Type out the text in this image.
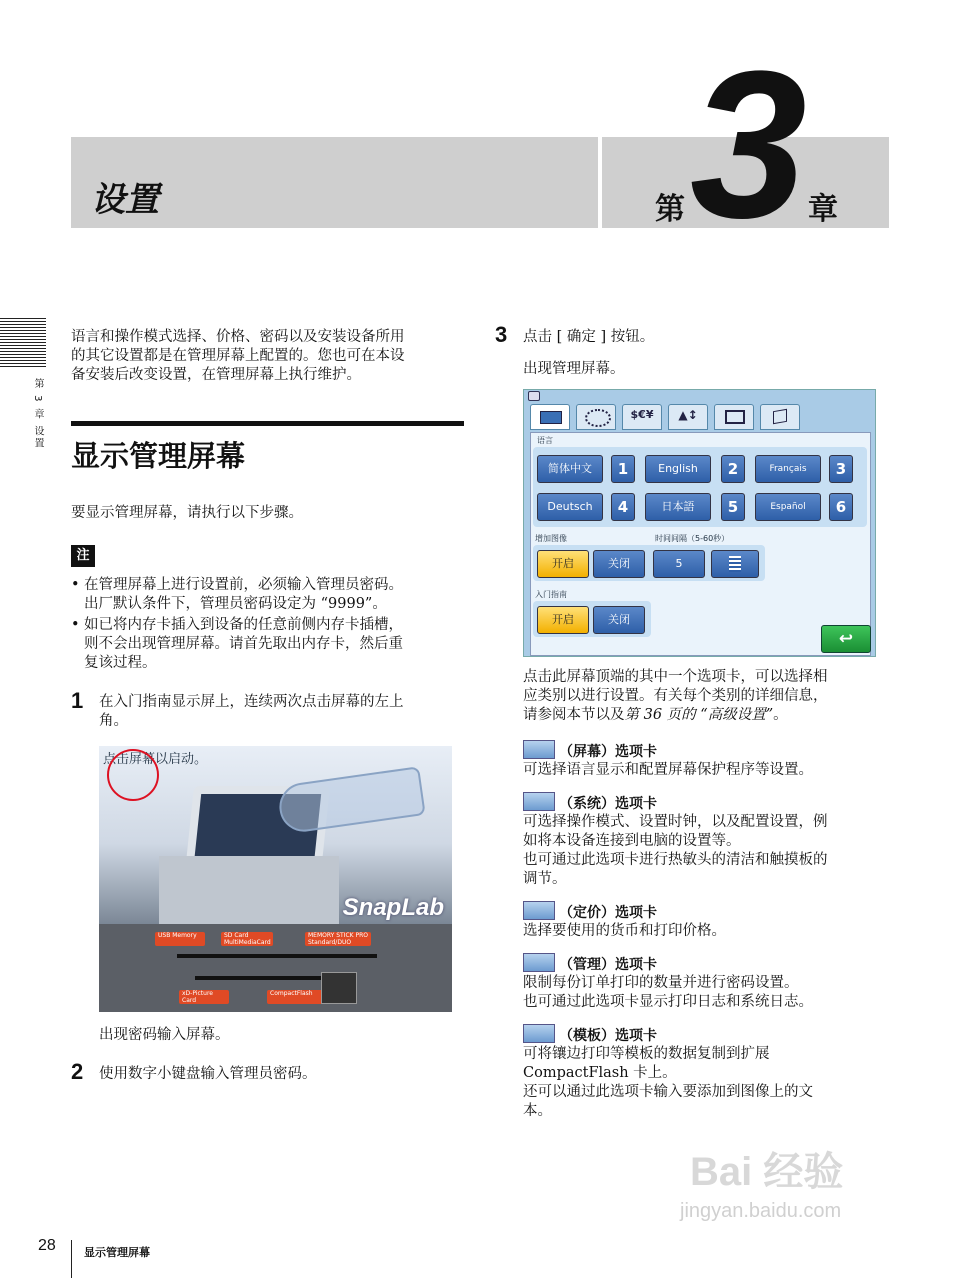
设置	3
第	章
第 3 章 设置
语言和操作模式选择、价格、密码以及安装设备所用
的其它设置都是在管理屏幕上配置的。您也可在本设
备安装后改变设置，在管理屏幕上执行维护。
显示管理屏幕
要显示管理屏幕，请执行以下步骤。
注
• 在管理屏幕上进行设置前，必须输入管理员密码。
出厂默认条件下，管理员密码设定为 “9999”。
• 如已将内存卡插入到设备的任意前侧内存卡插槽，
则不会出现管理屏幕。请首先取出内存卡，然后重
复该过程。
1 在入门指南显示屏上，连续两次点击屏幕的左上
角。
点击屏幕以启动。
SnapLab
USB Memory	SD Card MultiMediaCard
MEMORY STICK PRO Standard/DUO
xD-Picture Card
CompactFlash
出现密码输入屏幕。
2 使用数字小键盘输入管理员密码。
3 点击 [ 确定 ] 按钮。
出现管理屏幕。
$€¥	▲↕
语言
简体中文	1	English	2	Français	3
Deutsch	4	日本語	5	Español	6
增加图像	时间间隔（5-60秒）
开启	关闭	5
入门指南
开启	关闭
↩
点击此屏幕顶端的其中一个选项卡，可以选择相
应类别以进行设置。有关每个类别的详细信息，
请参阅本节以及第 36 页的 “高级设置”。
（屏幕）选项卡
可选择语言显示和配置屏幕保护程序等设置。
（系统）选项卡
可选择操作模式、设置时钟，以及配置设置，例
如将本设备连接到电脑的设置等。
也可通过此选项卡进行热敏头的清洁和触摸板的
调节。
（定价）选项卡
选择要使用的货币和打印价格。
（管理）选项卡
限制每份订单打印的数量并进行密码设置。
也可通过此选项卡显示打印日志和系统日志。
（模板）选项卡
可将镶边打印等模板的数据复制到扩展
CompactFlash 卡上。
还可以通过此选项卡输入要添加到图像上的文
本。
Bai 经验
jingyan.baidu.com
28	显示管理屏幕
